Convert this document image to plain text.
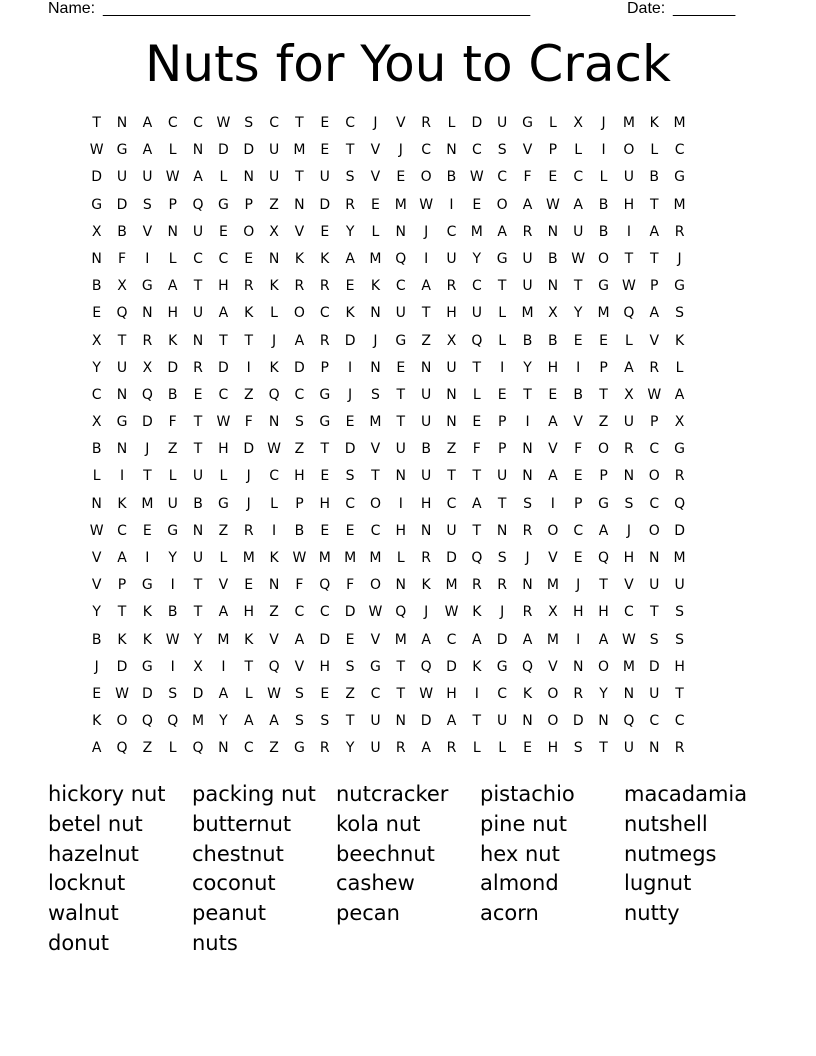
Name: ________________________________________________	Date: _______
Nuts for You to Crack
T	N	A	C	C W S	C	T	E	C	J	V	R	L	D	U	G	L	X	J	M	K	M
W G	A	L	N	D	D	U	M	E	T	V	J	C	N	C	S	V	P	L	I	O	L	C
D	U	U W A	L	N	U	T	U	S	V	E	O	B W C	F	E	C	L	U	B	G
G	D	S	P	Q	G	P	Z	N	D	R	E	M W	I	E	O	A W A	B	H	T	M
X	B	V	N	U	E	O	X	V	E	Y	L	N	J	C	M	A	R	N	U	B	I	A	R
N	F	I	L	C	C	E	N	K	K	A	M Q	I	U	Y	G	U	B W O	T	T	J
B	X	G	A	T	H	R	K	R	R	E	K	C	A	R	C	T	U	N	T	G W	P	G
E	Q	N	H	U	A	K	L	O	C	K	N	U	T	H	U	L	M	X	Y	M Q	A	S
X	T	R	K	N	T	T	J	A	R	D	J	G	Z	X	Q	L	B	B	E	E	L	V	K
Y	U	X	D	R	D	I	K	D	P	I	N	E	N	U	T	I	Y	H	I	P	A	R	L
C	N	Q	B	E	C	Z	Q	C	G	J	S	T	U	N	L	E	T	E	B	T	X W A
X	G	D	F	T	W	F	N	S	G	E	M	T	U	N	E	P	I	A	V	Z	U	P	X
B	N	J	Z	T	H	D W Z	T	D	V	U	B	Z	F	P	N	V	F	O	R	C	G
L	I	T	L	U	L	J	C	H	E	S	T	N	U	T	T	U	N	A	E	P	N	O	R
N	K	M	U	B	G	J	L	P	H	C	O	I	H	C	A	T	S	I	P	G	S	C	Q
W C	E	G	N	Z	R	I	B	E	E	C	H	N	U	T	N	R	O	C	A	J	O	D
V	A	I	Y	U	L	M	K W M M M	L	R	D	Q	S	J	V	E	Q	H	N	M
V	P	G	I	T	V	E	N	F	Q	F	O	N	K	M	R	R	N	M	J	T	V	U	U
Y	T	K	B	T	A	H	Z	C	C	D W Q	J	W K	J	R	X	H	H	C	T	S
B	K	K W	Y	M	K	V	A	D	E	V	M	A	C	A	D	A	M	I	A W S	S
J	D	G	I	X	I	T	Q	V	H	S	G	T	Q	D	K	G	Q	V	N	O M D	H
E	W D	S	D	A	L	W S	E	Z	C	T	W H	I	C	K	O	R	Y	N	U	T
K	O	Q	Q M	Y	A	A	S	S	T	U	N	D	A	T	U	N	O	D	N	Q	C	C
A	Q	Z	L	Q	N	C	Z	G	R	Y	U	R	A	R	L	L	E	H	S	T	U	N	R
hickory nut
betel nut
hazelnut
locknut
walnut
donut
packing nut
butternut
chestnut
coconut
peanut
nuts
nutcracker
kola nut
beechnut
cashew
pecan
pistachio
pine nut
hex nut
almond
acorn
macadamia
nutshell
nutmegs
lugnut
nutty
